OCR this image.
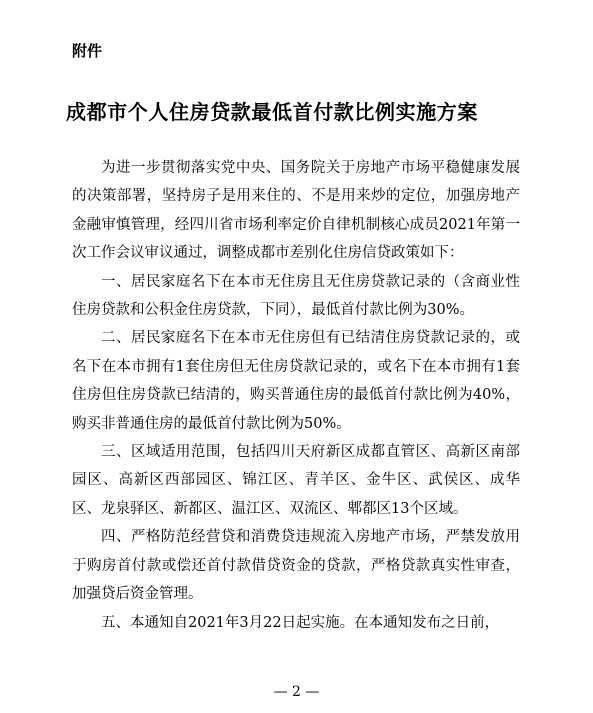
附件
成都市个人住房贷款最低首付款比例实施方案

为进一步贯彻落实党中央、国务院关于房地产市场平稳健康发展的决策部署，坚持房子是用来住的、不是用来炒的定位，加强房地产金融审慎管理，经四川省市场利率定价自律机制核心成员2021年第一次工作会议审议通过，调整成都市差别化住房信贷政策如下：

一、居民家庭名下在本市无住房且无住房贷款记录的（含商业性住房贷款和公积金住房贷款，下同），最低首付款比例为30%。

二、居民家庭名下在本市无住房但有已结清住房贷款记录的，或名下在本市拥有1套住房但无住房贷款记录的，或名下在本市拥有1套住房但住房贷款已结清的，购买普通住房的最低首付款比例为40%，购买非普通住房的最低首付款比例为50%。

三、区域适用范围，包括四川天府新区成都直管区、高新区南部园区、高新区西部园区、锦江区、青羊区、金牛区、武侯区、成华区、龙泉驿区、新都区、温江区、双流区、郫都区13个区域。

四、严格防范经营贷和消费贷违规流入房地产市场，严禁发放用于购房首付款或偿还首付款借贷资金的贷款，严格贷款真实性审查，加强贷后资金管理。

五、本通知自2021年3月22日起实施。在本通知发布之日前，

— 2 —
